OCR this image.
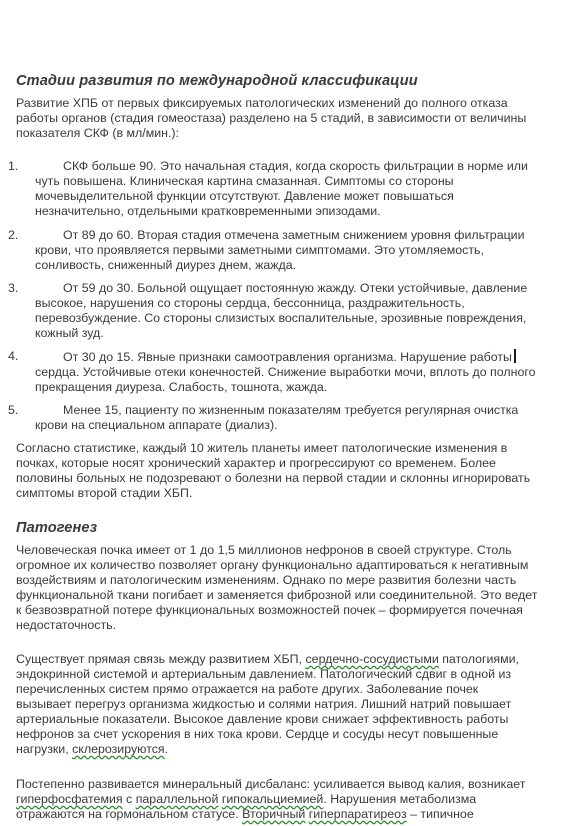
Стадии развития по международной классификации
Развитие ХПБ от первых фиксируемых патологических изменений до полного отказа
работы органов (стадия гомеостаза) разделено на 5 стадий, в зависимости от величины
показателя СКФ (в мл/мин.):
1.	СКФ больше 90. Это начальная стадия, когда скорость фильтрации в норме или
чуть повышена. Клиническая картина смазанная. Симптомы со стороны
мочевыделительной функции отсутствуют. Давление может повышаться
незначительно, отдельными кратковременными эпизодами.
2.	От 89 до 60. Вторая стадия отмечена заметным снижением уровня фильтрации
крови, что проявляется первыми заметными симптомами. Это утомляемость,
сонливость, сниженный диурез днем, жажда.
3.	От 59 до 30. Больной ощущает постоянную жажду. Отеки устойчивые, давление
высокое, нарушения со стороны сердца, бессонница, раздражительность,
перевозбуждение. Со стороны слизистых воспалительные, эрозивные повреждения,
кожный зуд.
4.	От 30 до 15. Явные признаки самоотравления организма. Нарушение работы
сердца. Устойчивые отеки конечностей. Снижение выработки мочи, вплоть до полного
прекращения диуреза. Слабость, тошнота, жажда.
5.	Менее 15, пациенту по жизненным показателям требуется регулярная очистка
крови на специальном аппарате (диализ).
Согласно статистике, каждый 10 житель планеты имеет патологические изменения в
почках, которые носят хронический характер и прогрессируют со временем. Более
половины больных не подозревают о болезни на первой стадии и склонны игнорировать
симптомы второй стадии ХБП.
Патогенез
Человеческая почка имеет от 1 до 1,5 миллионов нефронов в своей структуре. Столь
огромное их количество позволяет органу функционально адаптироваться к негативным
воздействиям и патологическим изменениям. Однако по мере развития болезни часть
функциональной ткани погибает и заменяется фиброзной или соединительной. Это ведет
к безвозвратной потере функциональных возможностей почек – формируется почечная
недостаточность.
Существует прямая связь между развитием ХБП, сердечно-сосудистыми патологиями,
эндокринной системой и артериальным давлением. Патологический сдвиг в одной из
перечисленных систем прямо отражается на работе других. Заболевание почек
вызывает перегруз организма жидкостью и солями натрия. Лишний натрий повышает
артериальные показатели. Высокое давление крови снижает эффективность работы
нефронов за счет ускорения в них тока крови. Сердце и сосуды несут повышенные
нагрузки, склерозируются.
Постепенно развивается минеральный дисбаланс: усиливается вывод калия, возникает
гиперфосфатемия с параллельной гипокальциемией. Нарушения метаболизма
отражаются на гормональном статусе. Вторичный гиперпаратиреоз – типичное
